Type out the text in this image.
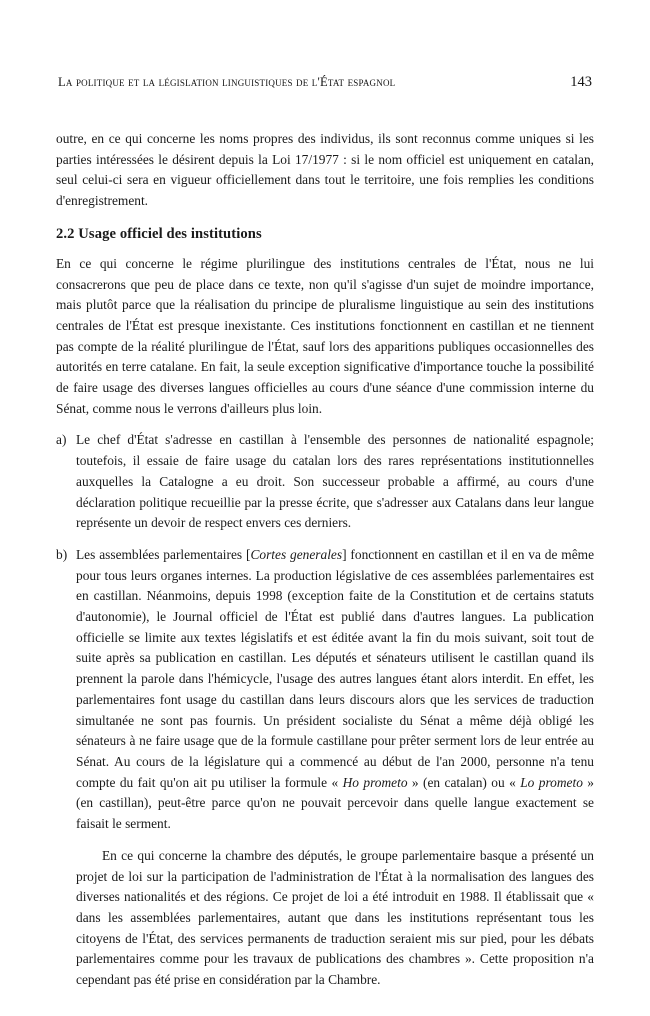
La politique et la législation linguistiques de l'État espagnol	143

outre, en ce qui concerne les noms propres des individus, ils sont reconnus comme uniques si les parties intéressées le désirent depuis la Loi 17/1977 : si le nom officiel est uniquement en catalan, seul celui-ci sera en vigueur officiellement dans tout le territoire, une fois remplies les conditions d'enregistrement.

2.2 Usage officiel des institutions

En ce qui concerne le régime plurilingue des institutions centrales de l'État, nous ne lui consacrerons que peu de place dans ce texte, non qu'il s'agisse d'un sujet de moindre importance, mais plutôt parce que la réalisation du principe de pluralisme linguistique au sein des institutions centrales de l'État est presque inexistante. Ces institutions fonctionnent en castillan et ne tiennent pas compte de la réalité plurilingue de l'État, sauf lors des apparitions publiques occasionnelles des autorités en terre catalane. En fait, la seule exception significative d'importance touche la possibilité de faire usage des diverses langues officielles au cours d'une séance d'une commission interne du Sénat, comme nous le verrons d'ailleurs plus loin.

a) Le chef d'État s'adresse en castillan à l'ensemble des personnes de nationalité espagnole; toutefois, il essaie de faire usage du catalan lors des rares représentations institutionnelles auxquelles la Catalogne a eu droit. Son successeur probable a affirmé, au cours d'une déclaration politique recueillie par la presse écrite, que s'adresser aux Catalans dans leur langue représente un devoir de respect envers ces derniers.

b) Les assemblées parlementaires [Cortes generales] fonctionnent en castillan et il en va de même pour tous leurs organes internes. La production législative de ces assemblées parlementaires est en castillan. Néanmoins, depuis 1998 (exception faite de la Constitution et de certains statuts d'autonomie), le Journal officiel de l'État est publié dans d'autres langues. La publication officielle se limite aux textes législatifs et est éditée avant la fin du mois suivant, soit tout de suite après sa publication en castillan. Les députés et sénateurs utilisent le castillan quand ils prennent la parole dans l'hémicycle, l'usage des autres langues étant alors interdit. En effet, les parlementaires font usage du castillan dans leurs discours alors que les services de traduction simultanée ne sont pas fournis. Un président socialiste du Sénat a même déjà obligé les sénateurs à ne faire usage que de la formule castillane pour prêter serment lors de leur entrée au Sénat. Au cours de la législature qui a commencé au début de l'an 2000, personne n'a tenu compte du fait qu'on ait pu utiliser la formule « Ho prometo » (en catalan) ou « Lo prometo » (en castillan), peut-être parce qu'on ne pouvait percevoir dans quelle langue exactement se faisait le serment.

En ce qui concerne la chambre des députés, le groupe parlementaire basque a présenté un projet de loi sur la participation de l'administration de l'État à la normalisation des langues des diverses nationalités et des régions. Ce projet de loi a été introduit en 1988. Il établissait que « dans les assemblées parlementaires, autant que dans les institutions représentant tous les citoyens de l'État, des services permanents de traduction seraient mis sur pied, pour les débats parlementaires comme pour les travaux de publications des chambres ». Cette proposition n'a cependant pas été prise en considération par la Chambre.
